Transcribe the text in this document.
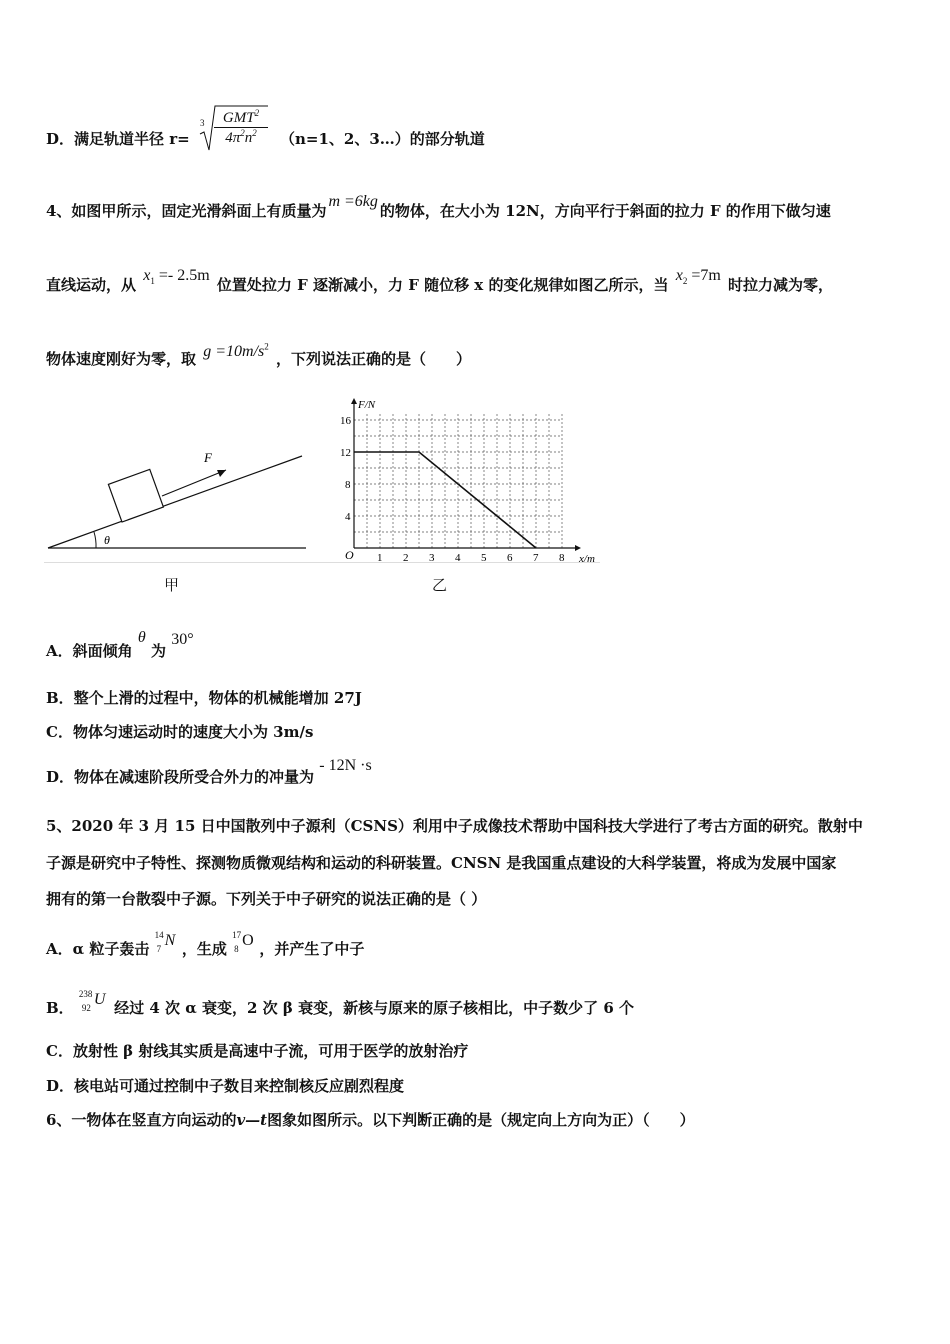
D．满足轨道半径 r=
3	GMT$^2$
$4\pi^2n^2$	（n=1、2、3…）的部分轨道
4、如图甲所示，固定光滑斜面上有质量为m =6kg的物体，在大小为 12N，方向平行于斜面的拉力 F 的作用下做匀速
直线运动，从 $x_1 =- 2.5m$ 位置处拉力 F 逐渐减小，力 F 随位移 x 的变化规律如图乙所示，当 $x_2 =7m$ 时拉力减为零，
物体速度刚好为零，取 $g =10m/s^2$ ，下列说法正确的是（　　）
F
θ
甲
1 2 3 4 5 6 7 8
4
8
12
16
O	x/m
F/N
乙
A．斜面倾角 θ 为 30°
B．整个上滑的过程中，物体的机械能增加 27J
C．物体匀速运动时的速度大小为 3m/s
D．物体在减速阶段所受合外力的冲量为 - 12N ·s
5、2020 年 3 月 15 日中国散列中子源利（CSNS）利用中子成像技术帮助中国科技大学进行了考古方面的研究。散射中
子源是研究中子特性、探测物质微观结构和运动的科研装置。CNSN 是我国重点建设的大科学装置，将成为发展中国家
拥有的第一台散裂中子源。下列关于中子研究的说法正确的是（ ）
A．α 粒子轰击
14
7 N ，生成
17
8 O ，并产生了中子
B．
238
92 U 经过 4 次 α 衰变，2 次 β 衰变，新核与原来的原子核相比，中子数少了 6 个
C．放射性 β 射线其实质是高速中子流，可用于医学的放射治疗
D．核电站可通过控制中子数目来控制核反应剧烈程度
6、一物体在竖直方向运动的v—t图象如图所示。以下判断正确的是（规定向上方向为正）（　　）
